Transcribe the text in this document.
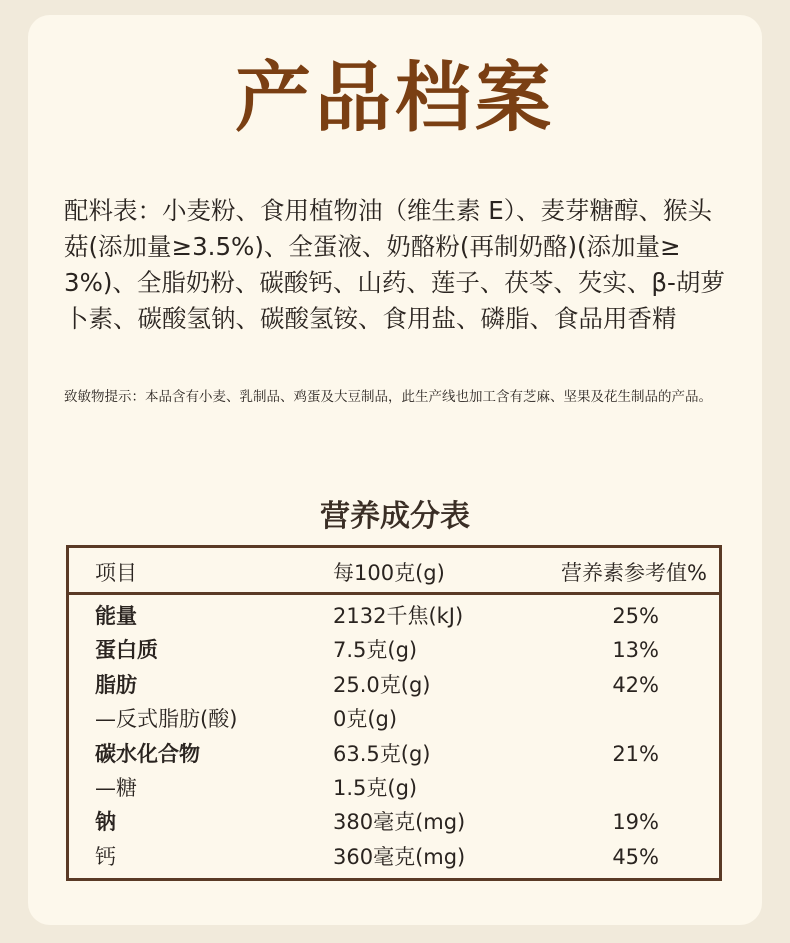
产品档案
配料表：小麦粉、食用植物油（维生素 E）、麦芽糖醇、猴头菇(添加量≥3.5%)、全蛋液、奶酪粉(再制奶酪)(添加量≥3%)、全脂奶粉、碳酸钙、山药、莲子、茯苓、芡实、β-胡萝卜素、碳酸氢钠、碳酸氢铵、食用盐、磷脂、食品用香精
致敏物提示：本品含有小麦、乳制品、鸡蛋及大豆制品，此生产线也加工含有芝麻、坚果及花生制品的产品。
营养成分表
项目	每100克(g)	营养素参考值%
能量	2132千焦(kJ)	25%
蛋白质	7.5克(g)	13%
脂肪	25.0克(g)	42%
—反式脂肪(酸)	0克(g)
碳水化合物	63.5克(g)	21%
—糖	1.5克(g)
钠	380毫克(mg)	19%
钙	360毫克(mg)	45%
